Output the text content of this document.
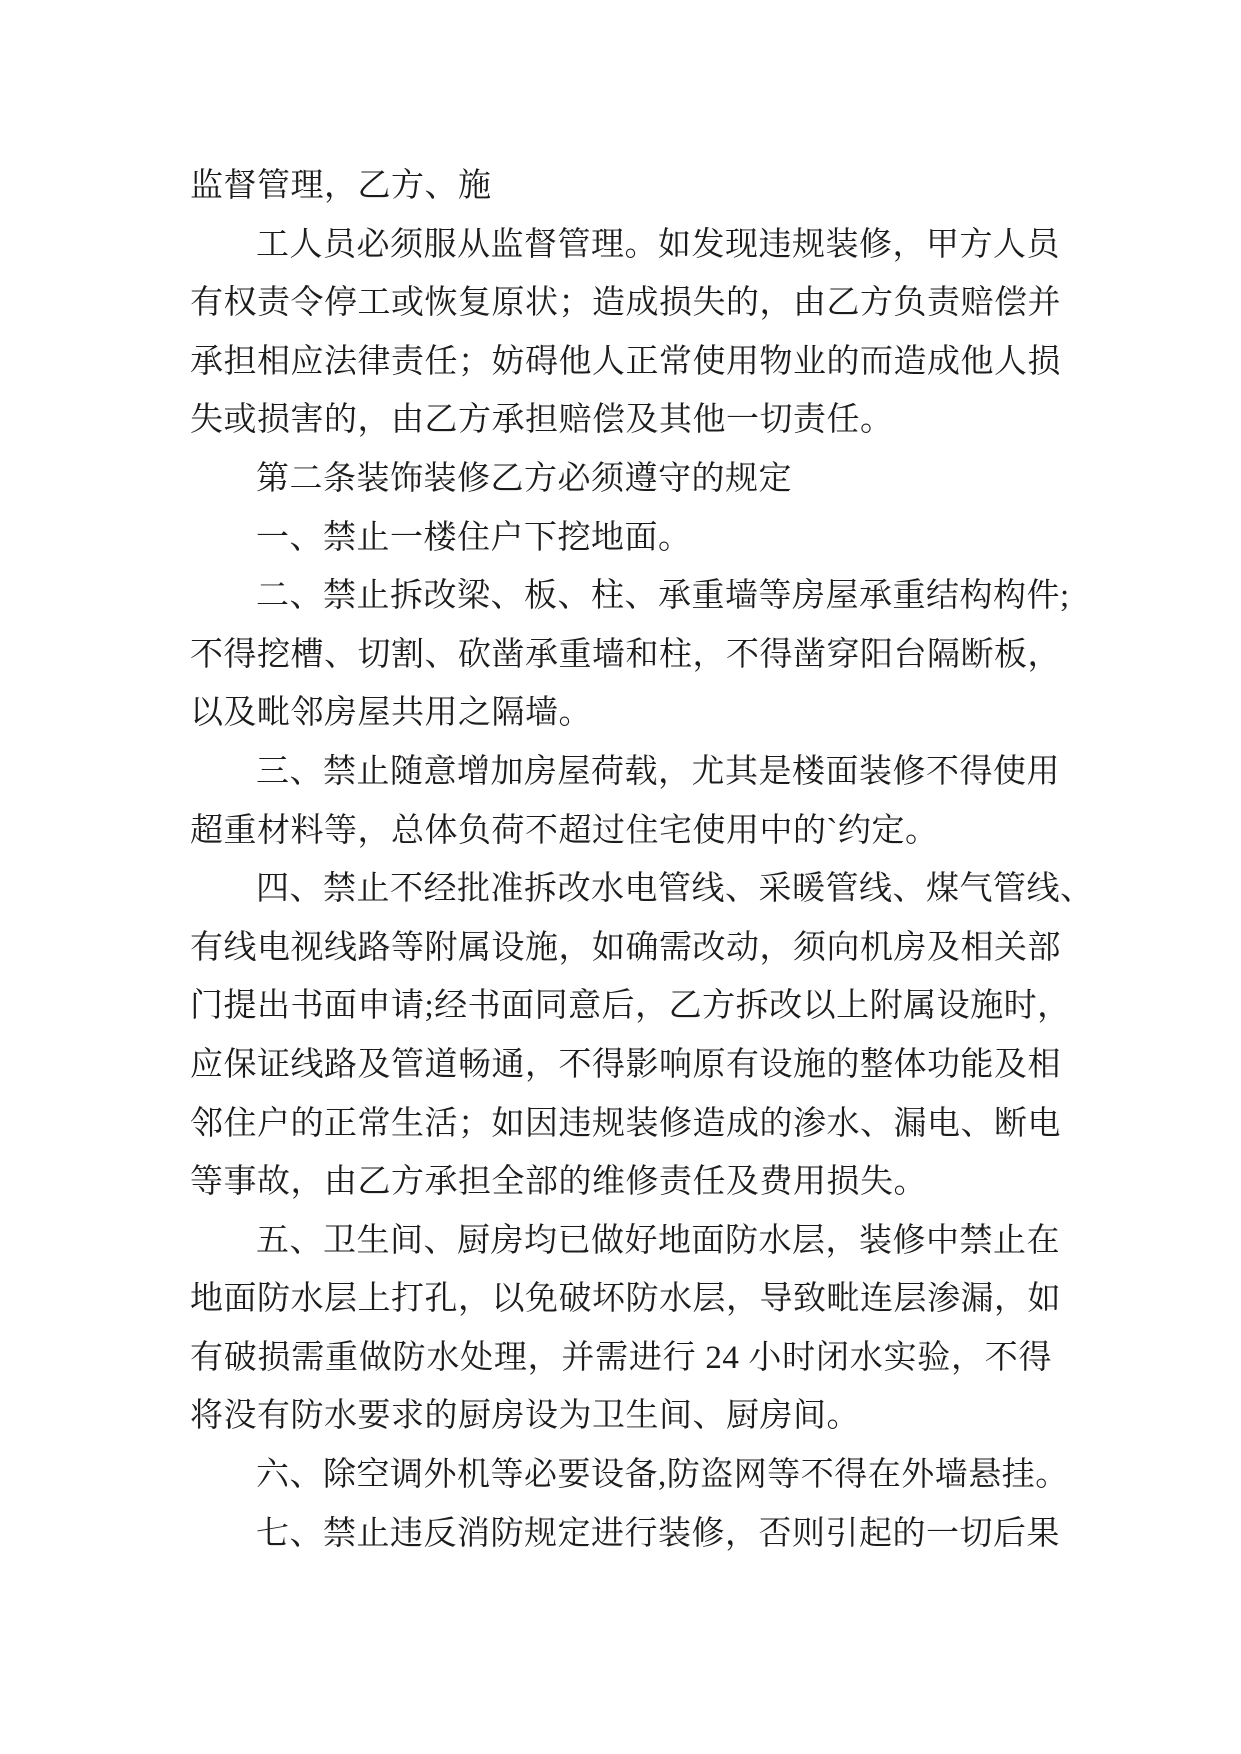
监督管理，乙方、施
工人员必须服从监督管理。如发现违规装修，甲方人员
有权责令停工或恢复原状；造成损失的，由乙方负责赔偿并
承担相应法律责任；妨碍他人正常使用物业的而造成他人损
失或损害的，由乙方承担赔偿及其他一切责任。
第二条装饰装修乙方必须遵守的规定
一、禁止一楼住户下挖地面。
二、禁止拆改梁、板、柱、承重墙等房屋承重结构构件;
不得挖槽、切割、砍凿承重墙和柱，不得凿穿阳台隔断板，
以及毗邻房屋共用之隔墙。
三、禁止随意增加房屋荷载，尤其是楼面装修不得使用
超重材料等，总体负荷不超过住宅使用中的`约定。
四、禁止不经批准拆改水电管线、采暖管线、煤气管线、
有线电视线路等附属设施，如确需改动，须向机房及相关部
门提出书面申请;经书面同意后，乙方拆改以上附属设施时，
应保证线路及管道畅通，不得影响原有设施的整体功能及相
邻住户的正常生活；如因违规装修造成的渗水、漏电、断电
等事故，由乙方承担全部的维修责任及费用损失。
五、卫生间、厨房均已做好地面防水层，装修中禁止在
地面防水层上打孔，以免破坏防水层，导致毗连层渗漏，如
有破损需重做防水处理，并需进行 24 小时闭水实验，不得
将没有防水要求的厨房设为卫生间、厨房间。
六、除空调外机等必要设备,防盗网等不得在外墙悬挂。
七、禁止违反消防规定进行装修，否则引起的一切后果
